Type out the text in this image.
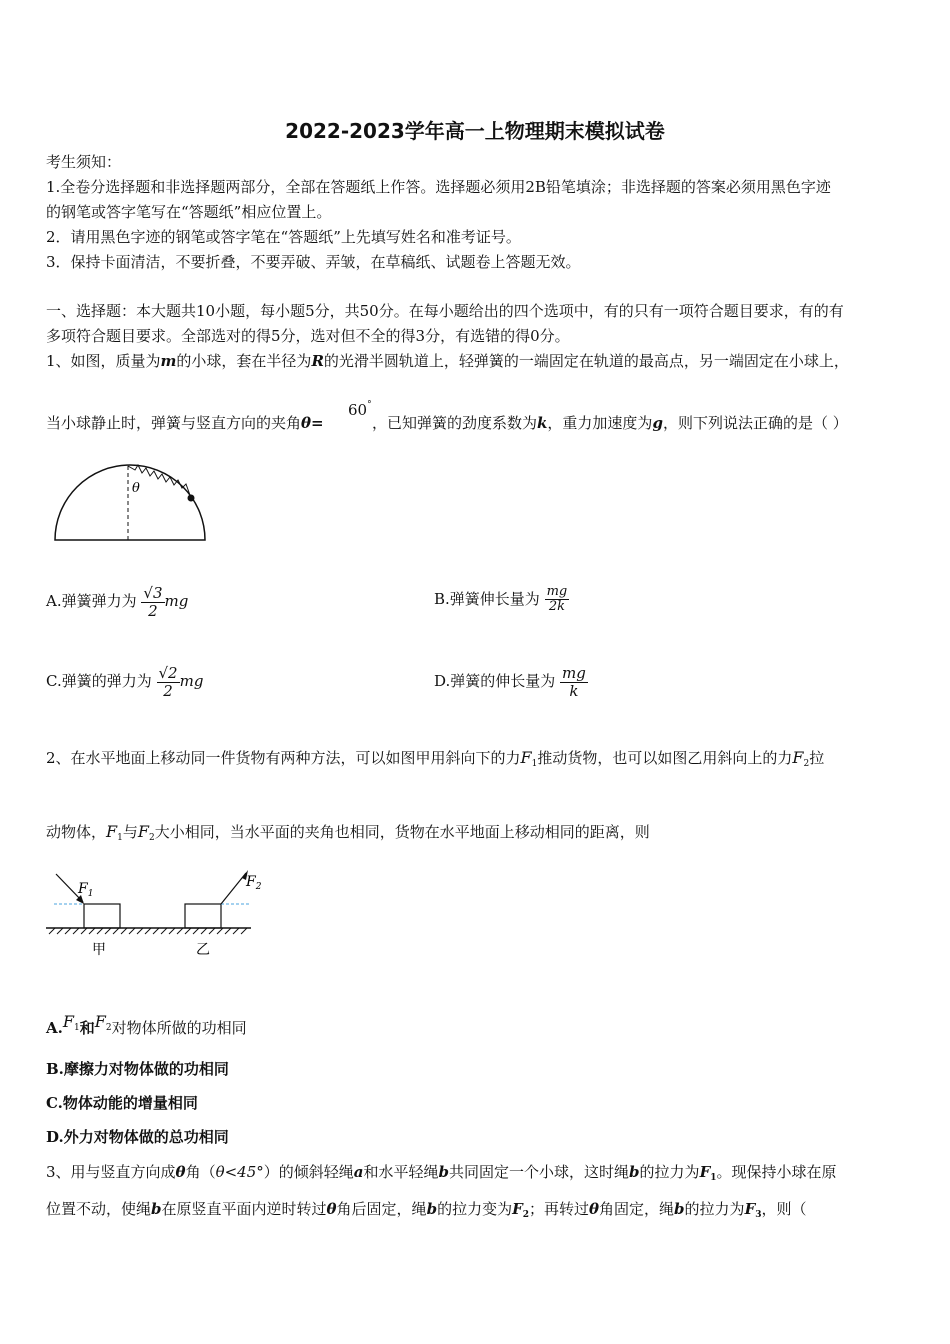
2022-2023学年高一上物理期末模拟试卷
考生须知：
1.全卷分选择题和非选择题两部分，全部在答题纸上作答。选择题必须用2B铅笔填涂；非选择题的答案必须用黑色字迹
的钢笔或答字笔写在“答题纸”相应位置上。
2．请用黑色字迹的钢笔或答字笔在“答题纸”上先填写姓名和准考证号。
3．保持卡面清洁，不要折叠，不要弄破、弄皱，在草稿纸、试题卷上答题无效。
一、选择题：本大题共10小题，每小题5分，共50分。在每小题给出的四个选项中，有的只有一项符合题目要求，有的有
多项符合题目要求。全部选对的得5分，选对但不全的得3分，有选错的得0分。
1、如图，质量为m的小球，套在半径为R的光滑半圆轨道上，轻弹簧的一端固定在轨道的最高点，另一端固定在小球上，
当小球静止时，弹簧与竖直方向的夹角θ=
60°
，已知弹簧的劲度系数为k，重力加速度为g，则下列说法正确的是（ ）
θ
A.弹簧弹力为 $\frac{√3}{2}$ mg	B.弹簧伸长量为 $\frac{mg}{2k}$
C.弹簧的弹力为 $\frac{√2}{2}$ mg	D.弹簧的伸长量为 $\frac{mg}{k}$
2、在水平地面上移动同一件货物有两种方法，可以如图甲用斜向下的力$F_1$推动货物，也可以如图乙用斜向上的力$F_2$拉
动物体，$F_1$与$F_2$大小相同，当水平面的夹角也相同，货物在水平地面上移动相同的距离，则
$F_1$
$F_2$
甲	乙
$A.F^1$和$F^2$对物体所做的功相同
B.摩擦力对物体做的功相同
C.物体动能的增量相同
D.外力对物体做的总功相同
3、用与竖直方向成θ角（θ<45°）的倾斜轻绳a和水平轻绳b共同固定一个小球，这时绳b的拉力为$F_1$。现保持小球在原
位置不动，使绳b在原竖直平面内逆时转过θ角后固定，绳b的拉力变为$F_2$；再转过θ角固定，绳b的拉力为$F_3$，则（
